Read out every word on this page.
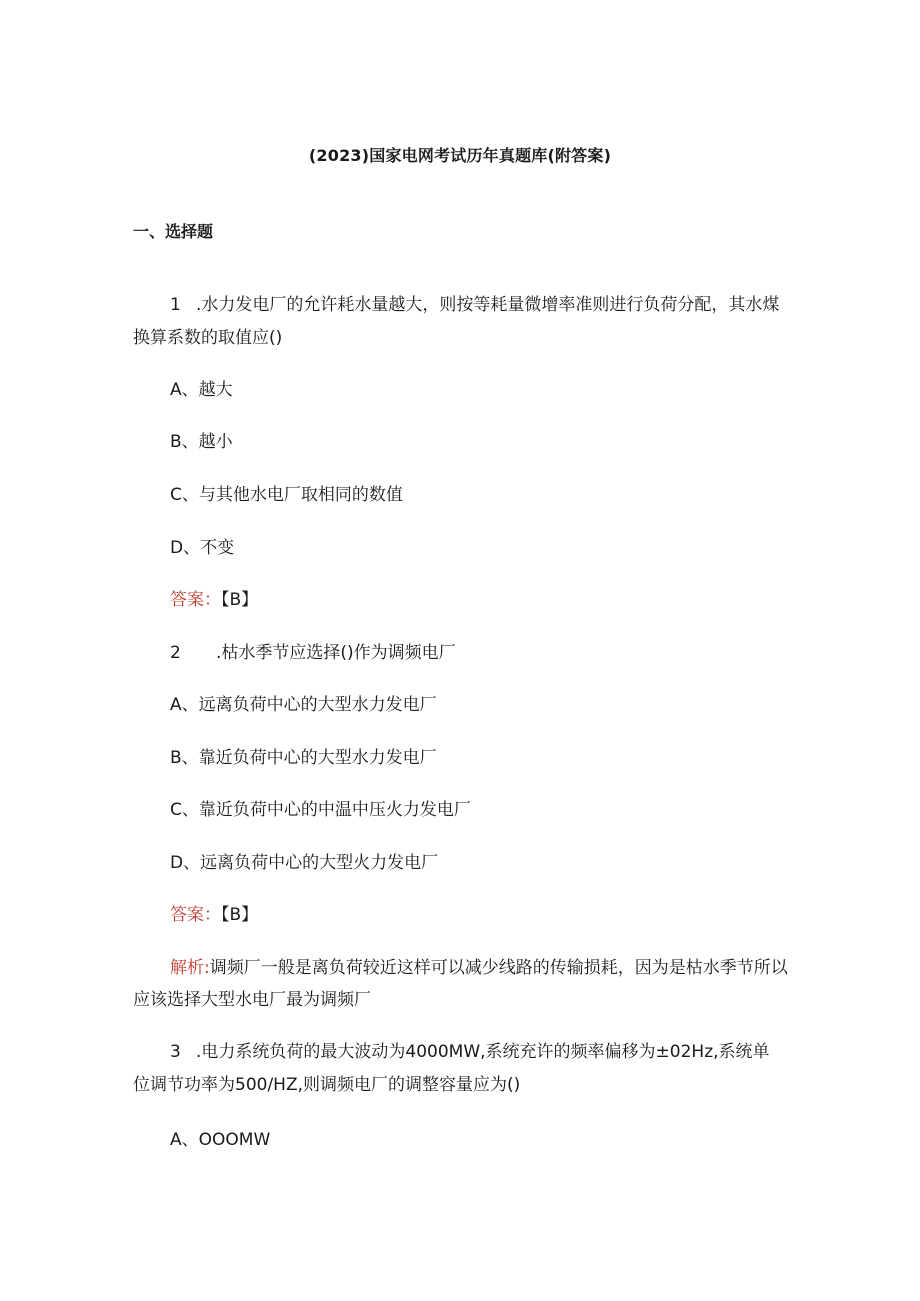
(2023)国家电网考试历年真题库(附答案)
一、选择题
1 .水力发电厂的允许耗水量越大，则按等耗量微增率准则进行负荷分配，其水煤
换算系数的取值应()
A、越大
B、越小
C、与其他水电厂取相同的数值
D、不变
答案：【B】
2 .枯水季节应选择()作为调频电厂
A、远离负荷中心的大型水力发电厂
B、靠近负荷中心的大型水力发电厂
C、靠近负荷中心的中温中压火力发电厂
D、远离负荷中心的大型火力发电厂
答案：【B】
解析:调频厂一般是离负荷较近这样可以减少线路的传输损耗，因为是枯水季节所以
应该选择大型水电厂最为调频厂
3 .电力系统负荷的最大波动为4000MW,系统充许的频率偏移为±02Hz,系统单
位调节功率为500/HZ,则调频电厂的调整容量应为()
A、OOOMW
